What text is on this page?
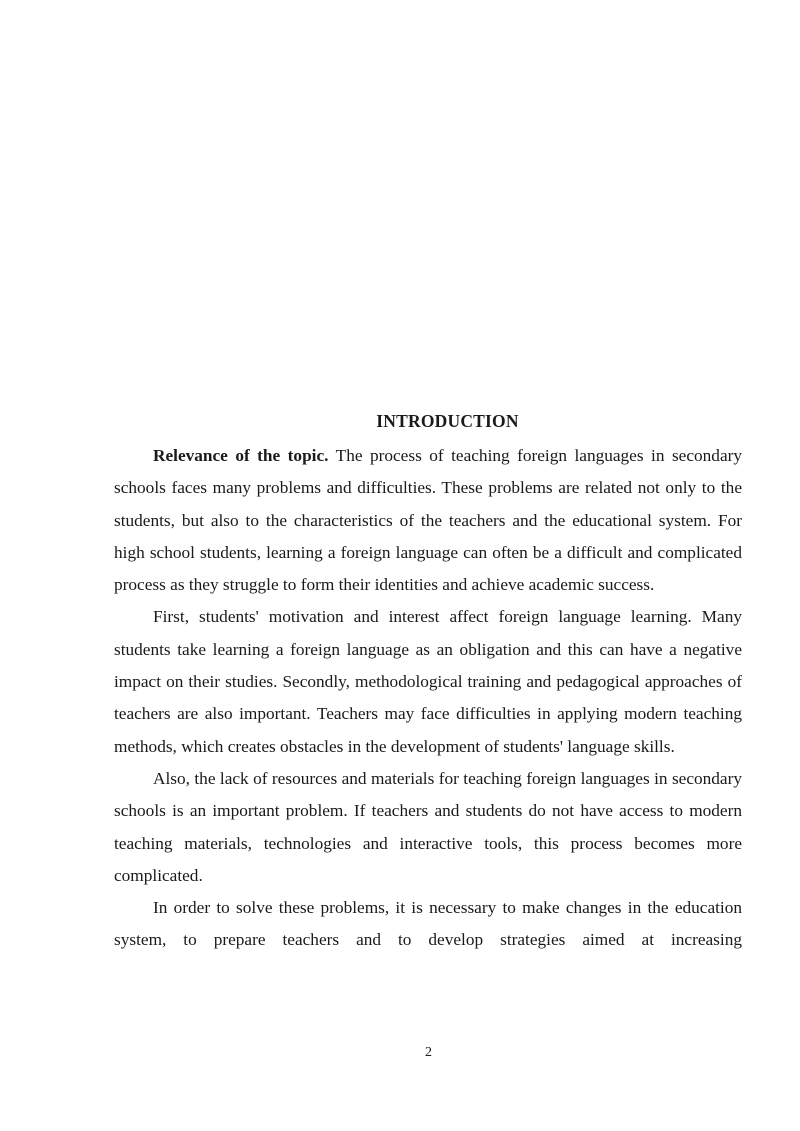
INTRODUCTION

Relevance of the topic. The process of teaching foreign languages in secondary schools faces many problems and difficulties. These problems are related not only to the students, but also to the characteristics of the teachers and the educational system. For high school students, learning a foreign language can often be a difficult and complicated process as they struggle to form their identities and achieve academic success.

First, students' motivation and interest affect foreign language learning. Many students take learning a foreign language as an obligation and this can have a negative impact on their studies. Secondly, methodological training and pedagogical approaches of teachers are also important. Teachers may face difficulties in applying modern teaching methods, which creates obstacles in the development of students' language skills.

Also, the lack of resources and materials for teaching foreign languages in secondary schools is an important problem. If teachers and students do not have access to modern teaching materials, technologies and interactive tools, this process becomes more complicated.

In order to solve these problems, it is necessary to make changes in the education system, to prepare teachers and to develop strategies aimed at increasing

2
